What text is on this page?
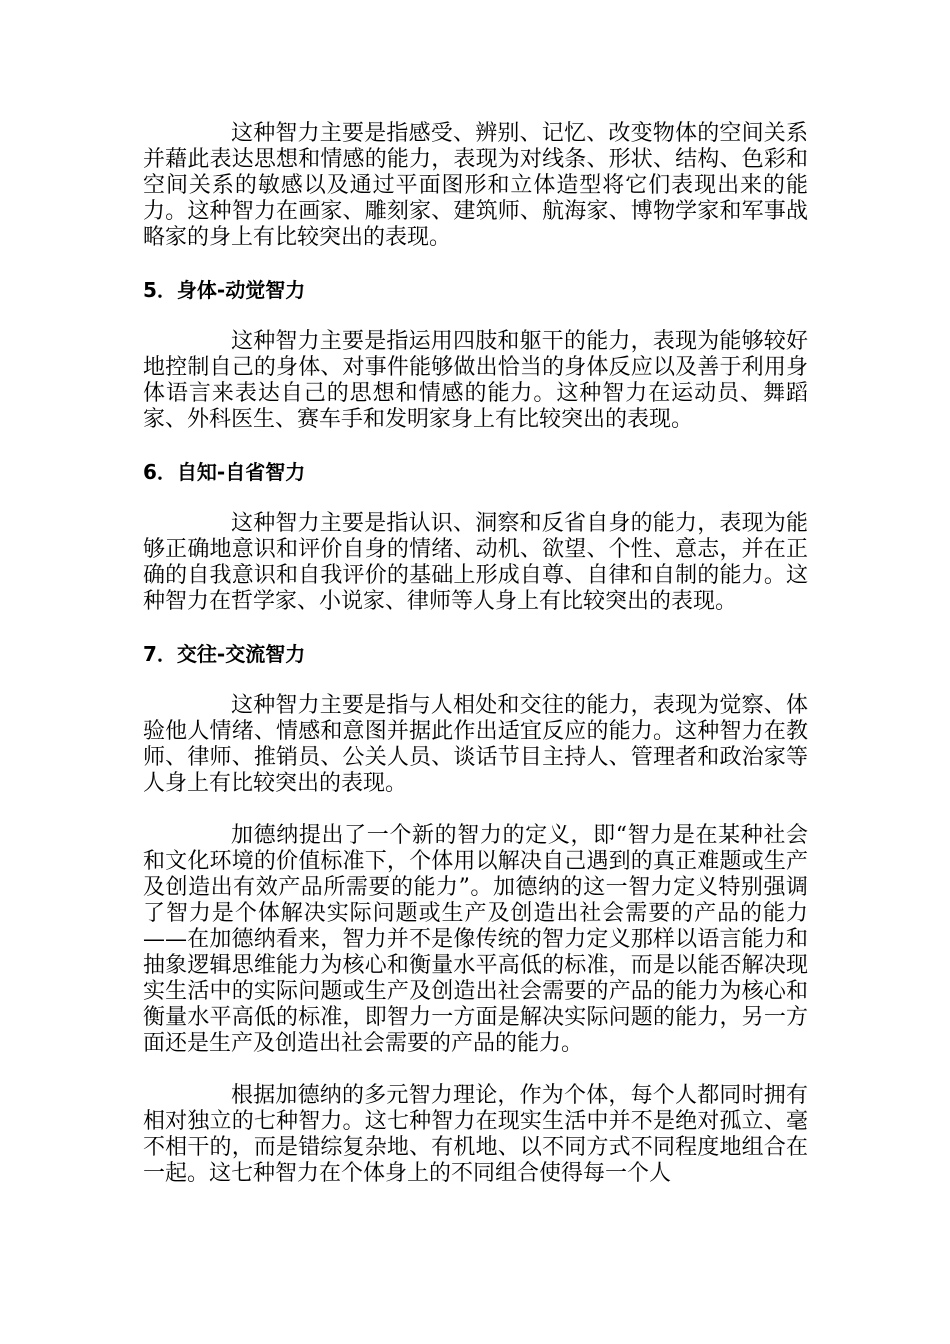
这种智力主要是指感受、辨别、记忆、改变物体的空间关系并藉此表达思想和情感的能力，表现为对线条、形状、结构、色彩和空间关系的敏感以及通过平面图形和立体造型将它们表现出来的能力。这种智力在画家、雕刻家、建筑师、航海家、博物学家和军事战略家的身上有比较突出的表现。

5．身体-动觉智力

这种智力主要是指运用四肢和躯干的能力，表现为能够较好地控制自己的身体、对事件能够做出恰当的身体反应以及善于利用身体语言来表达自己的思想和情感的能力。这种智力在运动员、舞蹈家、外科医生、赛车手和发明家身上有比较突出的表现。

6．自知-自省智力

这种智力主要是指认识、洞察和反省自身的能力，表现为能够正确地意识和评价自身的情绪、动机、欲望、个性、意志，并在正确的自我意识和自我评价的基础上形成自尊、自律和自制的能力。这种智力在哲学家、小说家、律师等人身上有比较突出的表现。

7．交往-交流智力

这种智力主要是指与人相处和交往的能力，表现为觉察、体验他人情绪、情感和意图并据此作出适宜反应的能力。这种智力在教师、律师、推销员、公关人员、谈话节目主持人、管理者和政治家等人身上有比较突出的表现。

加德纳提出了一个新的智力的定义，即“智力是在某种社会和文化环境的价值标准下，个体用以解决自己遇到的真正难题或生产及创造出有效产品所需要的能力”。加德纳的这一智力定义特别强调了智力是个体解决实际问题或生产及创造出社会需要的产品的能力——在加德纳看来，智力并不是像传统的智力定义那样以语言能力和抽象逻辑思维能力为核心和衡量水平高低的标准，而是以能否解决现实生活中的实际问题或生产及创造出社会需要的产品的能力为核心和衡量水平高低的标准，即智力一方面是解决实际问题的能力，另一方面还是生产及创造出社会需要的产品的能力。

根据加德纳的多元智力理论，作为个体，每个人都同时拥有相对独立的七种智力。这七种智力在现实生活中并不是绝对孤立、毫不相干的，而是错综复杂地、有机地、以不同方式不同程度地组合在一起。这七种智力在个体身上的不同组合使得每一个人
